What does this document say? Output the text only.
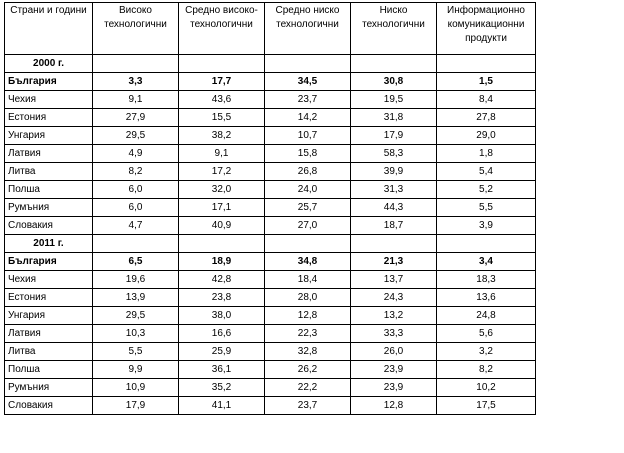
Страни и години	Високо технологични	Средно високо-технологични	Средно ниско технологични	Ниско технологични	Информационно комуникационни продукти
2000 г.					
България	3,3	17,7	34,5	30,8	1,5
Чехия	9,1	43,6	23,7	19,5	8,4
Естония	27,9	15,5	14,2	31,8	27,8
Унгария	29,5	38,2	10,7	17,9	29,0
Латвия	4,9	9,1	15,8	58,3	1,8
Литва	8,2	17,2	26,8	39,9	5,4
Полша	6,0	32,0	24,0	31,3	5,2
Румъния	6,0	17,1	25,7	44,3	5,5
Словакия	4,7	40,9	27,0	18,7	3,9
2011 г.					
България	6,5	18,9	34,8	21,3	3,4
Чехия	19,6	42,8	18,4	13,7	18,3
Естония	13,9	23,8	28,0	24,3	13,6
Унгария	29,5	38,0	12,8	13,2	24,8
Латвия	10,3	16,6	22,3	33,3	5,6
Литва	5,5	25,9	32,8	26,0	3,2
Полша	9,9	36,1	26,2	23,9	8,2
Румъния	10,9	35,2	22,2	23,9	10,2
Словакия	17,9	41,1	23,7	12,8	17,5
